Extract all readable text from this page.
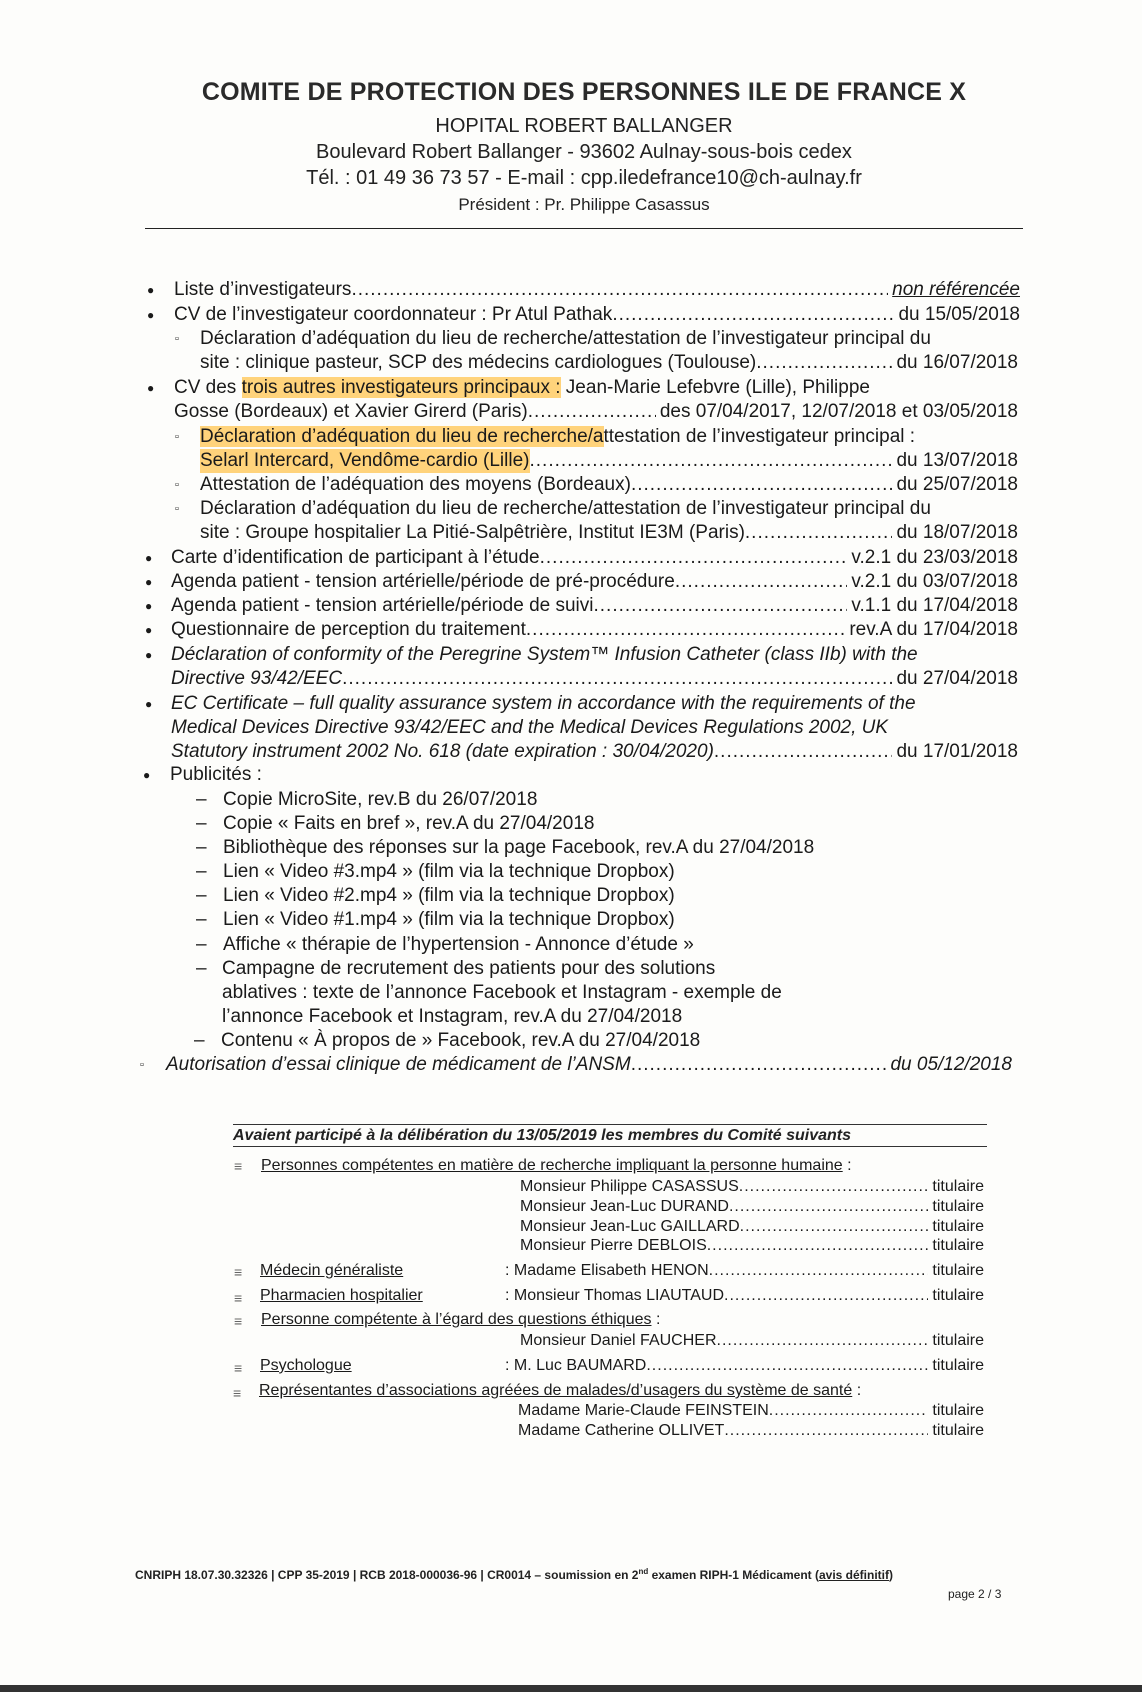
COMITE DE PROTECTION DES PERSONNES ILE DE FRANCE X
HOPITAL ROBERT BALLANGER
Boulevard Robert Ballanger - 93602 Aulnay-sous-bois cedex
Tél. : 01 49 36 73 57 - E-mail : cpp.iledefrance10@ch-aulnay.fr
Président : Pr. Philippe Casassus
● Liste d’investigateurs .....	non référencée
● CV de l’investigateur coordonnateur : Pr Atul Pathak .....	du 15/05/2018
▫ Déclaration d’adéquation du lieu de recherche/attestation de l’investigateur principal du
site : clinique pasteur, SCP des médecins cardiologues (Toulouse) .....	du 16/07/2018
● CV des trois autres investigateurs principaux : Jean-Marie Lefebvre (Lille), Philippe
Gosse (Bordeaux) et Xavier Girerd (Paris) .....	des 07/04/2017, 12/07/2018 et 03/05/2018
▫ Déclaration d’adéquation du lieu de recherche/attestation de l’investigateur principal :
Selarl Intercard, Vendôme-cardio (Lille) .....	du 13/07/2018
▫ Attestation de l’adéquation des moyens (Bordeaux) .....	du 25/07/2018
▫ Déclaration d’adéquation du lieu de recherche/attestation de l’investigateur principal du
site : Groupe hospitalier La Pitié-Salpêtrière, Institut IE3M (Paris) .....	du 18/07/2018
● Carte d’identification de participant à l’étude .....	v.2.1 du 23/03/2018
● Agenda patient - tension artérielle/période de pré-procédure .....	v.2.1 du 03/07/2018
● Agenda patient - tension artérielle/période de suivi .....	v.1.1 du 17/04/2018
● Questionnaire de perception du traitement .....	rev.A du 17/04/2018
● Déclaration of conformity of the Peregrine System™ Infusion Catheter (class IIb) with the
Directive 93/42/EEC .....	du 27/04/2018
● EC Certificate – full quality assurance system in accordance with the requirements of the
Medical Devices Directive 93/42/EEC and the Medical Devices Regulations 2002, UK
Statutory instrument 2002 No. 618 (date expiration : 30/04/2020) .....	du 17/01/2018
● Publicités :
– Copie MicroSite, rev.B du 26/07/2018
– Copie « Faits en bref », rev.A du 27/04/2018
– Bibliothèque des réponses sur la page Facebook, rev.A du 27/04/2018
– Lien « Video #3.mp4 » (film via la technique Dropbox)
– Lien « Video #2.mp4 » (film via la technique Dropbox)
– Lien « Video #1.mp4 » (film via la technique Dropbox)
– Affiche « thérapie de l’hypertension - Annonce d’étude »
– Campagne de recrutement des patients pour des solutions
ablatives : texte de l’annonce Facebook et Instagram - exemple de
l’annonce Facebook et Instagram, rev.A du 27/04/2018
– Contenu « À propos de » Facebook, rev.A du 27/04/2018
▫ Autorisation d’essai clinique de médicament de l’ANSM .....	du 05/12/2018
Avaient participé à la délibération du 13/05/2019 les membres du Comité suivants
≡ Personnes compétentes en matière de recherche impliquant la personne humaine :
Monsieur Philippe CASASSUS .....	titulaire
Monsieur Jean-Luc DURAND .....	titulaire
Monsieur Jean-Luc GAILLARD .....	titulaire
Monsieur Pierre DEBLOIS .....	titulaire
≡ Médecin généraliste	: Madame Elisabeth HENON .....	titulaire
≡ Pharmacien hospitalier	: Monsieur Thomas LIAUTAUD .....	titulaire
≡ Personne compétente à l’égard des questions éthiques :
Monsieur Daniel FAUCHER .....	titulaire
≡ Psychologue	: M. Luc BAUMARD .....	titulaire
≡ Représentantes d’associations agréées de malades/d’usagers du système de santé :
Madame Marie-Claude FEINSTEIN .....	titulaire
Madame Catherine OLLIVET .....	titulaire
CNRIPH 18.07.30.32326 | CPP 35-2019 | RCB 2018-000036-96 | CR0014 – soumission en 2nd examen RIPH-1 Médicament (avis définitif)
page 2 / 3
